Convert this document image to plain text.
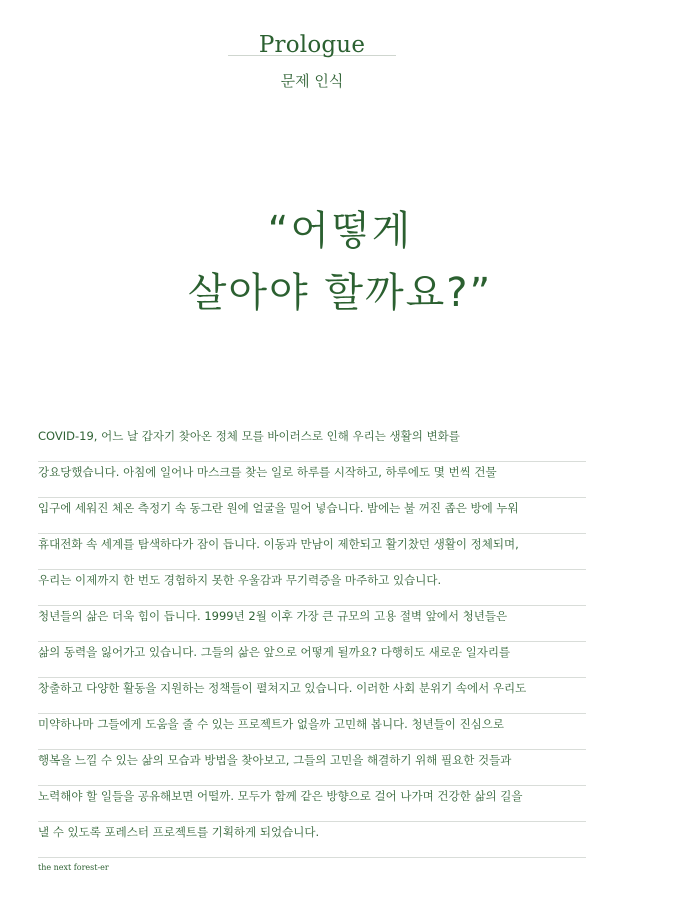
Prologue
문제 인식
“어떻게
살아야 할까요?”
COVID-19, 어느 날 갑자기 찾아온 정체 모를 바이러스로 인해 우리는 생활의 변화를
강요당했습니다. 아침에 일어나 마스크를 찾는 일로 하루를 시작하고, 하루에도 몇 번씩 건물
입구에 세워진 체온 측정기 속 동그란 원에 얼굴을 밀어 넣습니다. 밤에는 불 꺼진 좁은 방에 누워
휴대전화 속 세계를 탐색하다가 잠이 듭니다. 이동과 만남이 제한되고 활기찼던 생활이 정체되며,
우리는 이제까지 한 번도 경험하지 못한 우울감과 무기력증을 마주하고 있습니다.
청년들의 삶은 더욱 힘이 듭니다. 1999년 2월 이후 가장 큰 규모의 고용 절벽 앞에서 청년들은
삶의 동력을 잃어가고 있습니다. 그들의 삶은 앞으로 어떻게 될까요? 다행히도 새로운 일자리를
창출하고 다양한 활동을 지원하는 정책들이 펼쳐지고 있습니다. 이러한 사회 분위기 속에서 우리도
미약하나마 그들에게 도움을 줄 수 있는 프로젝트가 없을까 고민해 봅니다. 청년들이 진심으로
행복을 느낄 수 있는 삶의 모습과 방법을 찾아보고, 그들의 고민을 해결하기 위해 필요한 것들과
노력해야 할 일들을 공유해보면 어떨까. 모두가 함께 같은 방향으로 걸어 나가며 건강한 삶의 길을
낼 수 있도록 포레스터 프로젝트를 기획하게 되었습니다.
the next forest-er
